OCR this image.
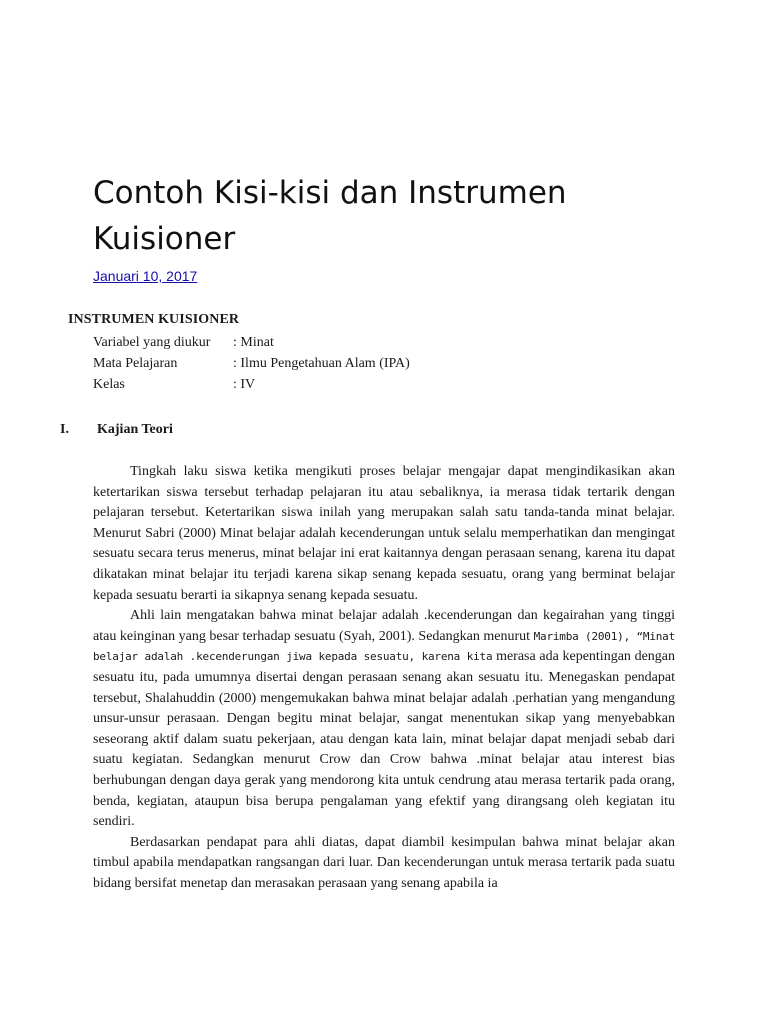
Contoh Kisi-kisi dan Instrumen Kuisioner
Januari 10, 2017
INSTRUMEN KUISIONER
Variabel yang diukur	: Minat
Mata Pelajaran	: Ilmu Pengetahuan Alam (IPA)
Kelas	: IV
I.	Kajian Teori

Tingkah laku siswa ketika mengikuti proses belajar mengajar dapat mengindikasikan akan ketertarikan siswa tersebut terhadap pelajaran itu atau sebaliknya, ia merasa tidak tertarik dengan pelajaran tersebut. Ketertarikan siswa inilah yang merupakan salah satu tanda-tanda minat belajar. Menurut Sabri (2000) Minat belajar adalah kecenderungan untuk selalu memperhatikan dan mengingat sesuatu secara terus menerus, minat belajar ini erat kaitannya dengan perasaan senang, karena itu dapat dikatakan minat belajar itu terjadi karena sikap senang kepada sesuatu, orang yang berminat belajar kepada sesuatu berarti ia sikapnya senang kepada sesuatu.

Ahli lain mengatakan bahwa minat belajar adalah .kecenderungan dan kegairahan yang tinggi atau keinginan yang besar terhadap sesuatu (Syah, 2001). Sedangkan menurut Marimba (2001), “Minat belajar adalah .kecenderungan jiwa kepada sesuatu, karena kita merasa ada kepentingan dengan sesuatu itu, pada umumnya disertai dengan perasaan senang akan sesuatu itu. Menegaskan pendapat tersebut, Shalahuddin (2000) mengemukakan bahwa minat belajar adalah .perhatian yang mengandung unsur-unsur perasaan. Dengan begitu minat belajar, sangat menentukan sikap yang menyebabkan seseorang aktif dalam suatu pekerjaan, atau dengan kata lain, minat belajar dapat menjadi sebab dari suatu kegiatan. Sedangkan menurut Crow dan Crow bahwa .minat belajar atau interest bias berhubungan dengan daya gerak yang mendorong kita untuk cendrung atau merasa tertarik pada orang, benda, kegiatan, ataupun bisa berupa pengalaman yang efektif yang dirangsang oleh kegiatan itu sendiri.

Berdasarkan pendapat para ahli diatas, dapat diambil kesimpulan bahwa minat belajar akan timbul apabila mendapatkan rangsangan dari luar. Dan kecenderungan untuk merasa tertarik pada suatu bidang bersifat menetap dan merasakan perasaan yang senang apabila ia
